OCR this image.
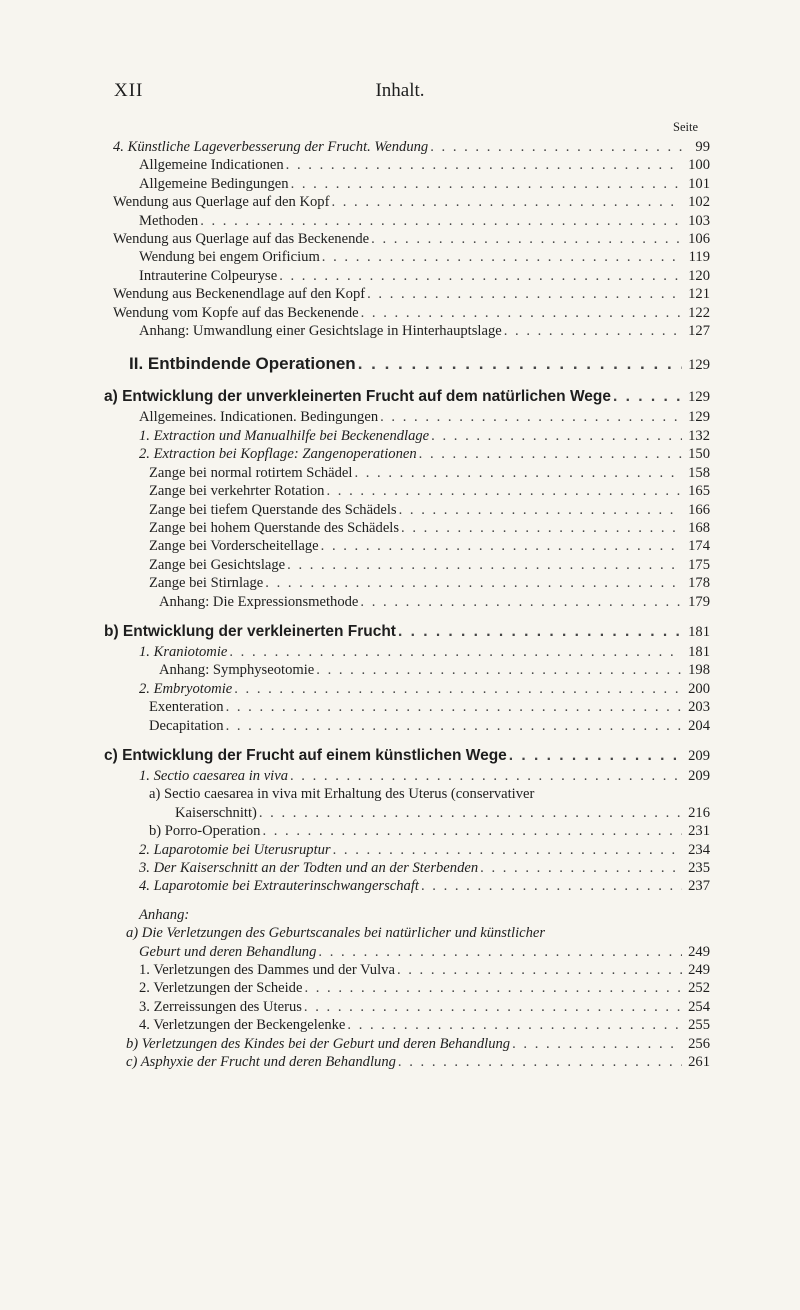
XII	Inhalt.
Seite
4. Künstliche Lageverbesserung der Frucht. Wendung . . .	99
Allgemeine Indicationen . . .	100
Allgemeine Bedingungen . . .	101
Wendung aus Querlage auf den Kopf . . .	102
Methoden . . .	103
Wendung aus Querlage auf das Beckenende . . .	106
Wendung bei engem Orificium . . .	119
Intrauterine Colpeuryse . . .	120
Wendung aus Beckenendlage auf den Kopf . . .	121
Wendung vom Kopfe auf das Beckenende . . .	122
Anhang: Umwandlung einer Gesichtslage in Hinterhauptslage . . .	127
II. Entbindende Operationen . . .	129
a) Entwicklung der unverkleinerten Frucht auf dem natürlichen Wege . . .	129
Allgemeines. Indicationen. Bedingungen . . .	129
1. Extraction und Manualhilfe bei Beckenendlage . . .	132
2. Extraction bei Kopflage: Zangenoperationen . . .	150
Zange bei normal rotirtem Schädel . . .	158
Zange bei verkehrter Rotation . . .	165
Zange bei tiefem Querstande des Schädels . . .	166
Zange bei hohem Querstande des Schädels . . .	168
Zange bei Vorderscheitellage . . .	174
Zange bei Gesichtslage . . .	175
Zange bei Stirnlage . . .	178
Anhang: Die Expressionsmethode . . .	179
b) Entwicklung der verkleinerten Frucht . . .	181
1. Kraniotomie . . .	181
Anhang: Symphyseotomie . . .	198
2. Embryotomie . . .	200
Exenteration . . .	203
Decapitation . . .	204
c) Entwicklung der Frucht auf einem künstlichen Wege . . .	209
1. Sectio caesarea in viva . . .	209
a) Sectio caesarea in viva mit Erhaltung des Uterus (conservativer
Kaiserschnitt) . . .	216
b) Porro-Operation . . .	231
2. Laparotomie bei Uterusruptur . . .	234
3. Der Kaiserschnitt an der Todten und an der Sterbenden . . .	235
4. Laparotomie bei Extrauterinschwangerschaft . . .	237
Anhang:
a) Die Verletzungen des Geburtscanales bei natürlicher und künstlicher
Geburt und deren Behandlung . . .	249
1. Verletzungen des Dammes und der Vulva . . .	249
2. Verletzungen der Scheide . . .	252
3. Zerreissungen des Uterus . . .	254
4. Verletzungen der Beckengelenke . . .	255
b) Verletzungen des Kindes bei der Geburt und deren Behandlung . . .	256
c) Asphyxie der Frucht und deren Behandlung . . .	261
